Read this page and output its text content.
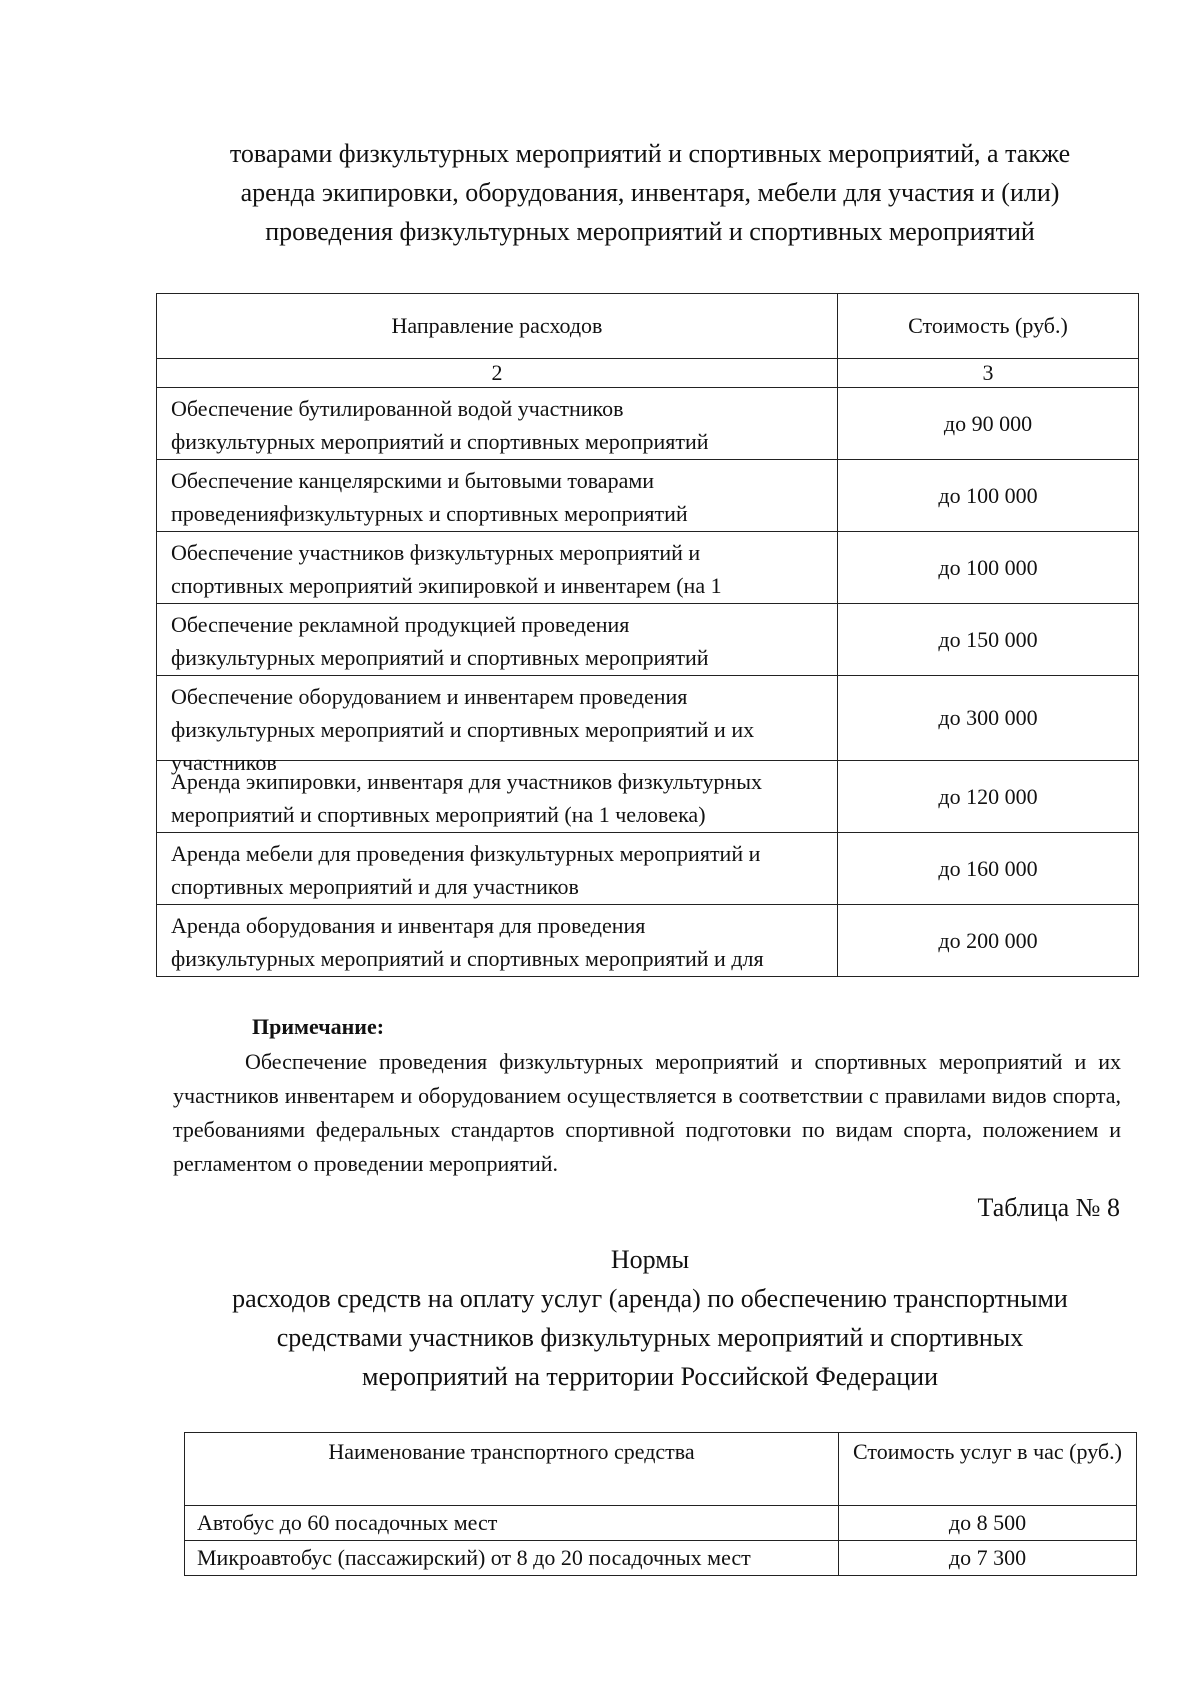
товарами физкультурных мероприятий и спортивных мероприятий, а также
аренда экипировки, оборудования, инвентаря, мебели для участия и (или)
проведения физкультурных мероприятий и спортивных мероприятий
Направление расходов	Стоимость (руб.)
2	3

Обеспечение бутилированной водой участников
физкультурных мероприятий и спортивных мероприятий	до 90 000

Обеспечение канцелярскими и бытовыми товарами
проведенияфизкультурных и спортивных мероприятий	до 100 000

Обеспечение участников физкультурных мероприятий и
спортивных мероприятий экипировкой и инвентарем (на 1	до 100 000

Обеспечение рекламной продукцией проведения
физкультурных мероприятий и спортивных мероприятий	до 150 000

Обеспечение оборудованием и инвентарем проведения
физкультурных мероприятий и спортивных мероприятий и их
участников	до 300 000

Аренда экипировки, инвентаря для участников физкультурных
мероприятий и спортивных мероприятий (на 1 человека)	до 120 000

Аренда мебели для проведения физкультурных мероприятий и
спортивных мероприятий и для участников	до 160 000

Аренда оборудования и инвентаря для проведения
физкультурных мероприятий и спортивных мероприятий и для	до 200 000
Примечание:
Обеспечение проведения физкультурных мероприятий и спортивных мероприятий и их участников инвентарем и оборудованием осуществляется в соответствии с правилами видов спорта, требованиями федеральных стандартов спортивной подготовки по видам спорта, положением и регламентом о проведении мероприятий.
Таблица № 8
Нормы
расходов средств на оплату услуг (аренда) по обеспечению транспортными
средствами участников физкультурных мероприятий и спортивных
мероприятий на территории Российской Федерации
Наименование транспортного средства	Стоимость услуг в час (руб.)
Автобус до 60 посадочных мест	до 8 500
Микроавтобус (пассажирский) от 8 до 20 посадочных мест	до 7 300
